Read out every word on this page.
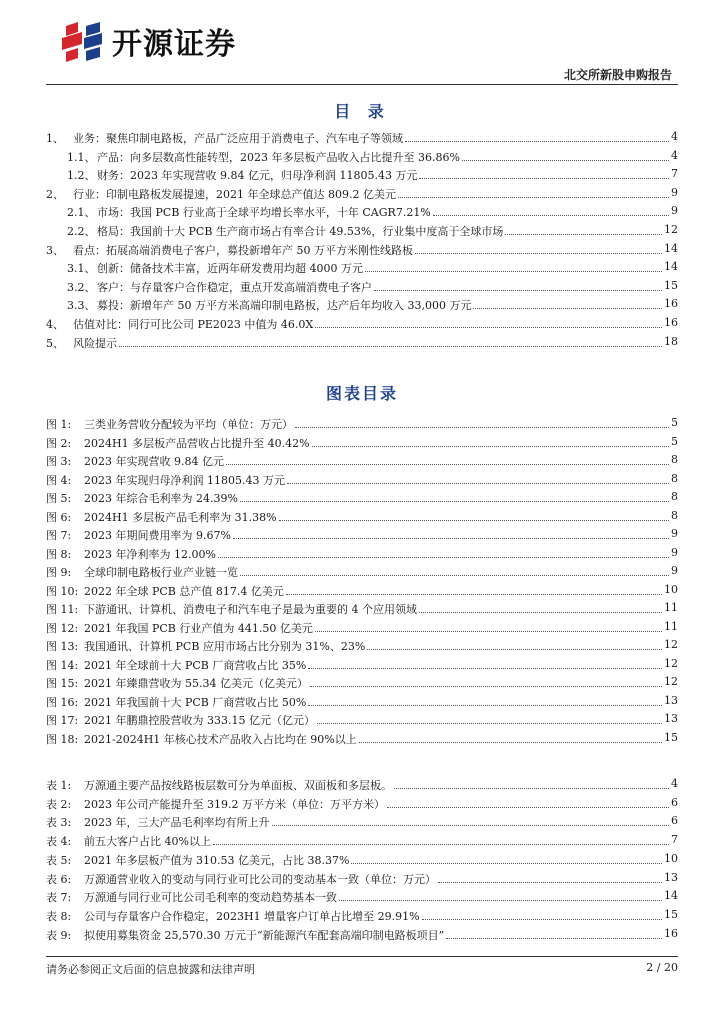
开源证券
北交所新股申购报告
目 录
1、 业务：聚焦印制电路板，产品广泛应用于消费电子、汽车电子等领域	4
1.1、 产品：向多层数高性能转型，2023 年多层板产品收入占比提升至 36.86%	4
1.2、 财务：2023 年实现营收 9.84 亿元，归母净利润 11805.43 万元	7
2、 行业：印制电路板发展提速，2021 年全球总产值达 809.2 亿美元	9
2.1、 市场：我国 PCB 行业高于全球平均增长率水平，十年 CAGR7.21%	9
2.2、 格局：我国前十大 PCB 生产商市场占有率合计 49.53%，行业集中度高于全球市场	12
3、 看点：拓展高端消费电子客户，募投新增年产 50 万平方米刚性线路板	14
3.1、 创新：储备技术丰富，近两年研发费用均超 4000 万元	14
3.2、 客户：与存量客户合作稳定，重点开发高端消费电子客户	15
3.3、 募投：新增年产 50 万平方米高端印制电路板，达产后年均收入 33,000 万元	16
4、 估值对比：同行可比公司 PE2023 中值为 46.0X	16
5、 风险提示	18
图表目录
图 1: 三类业务营收分配较为平均（单位：万元）	5
图 2: 2024H1 多层板产品营收占比提升至 40.42%	5
图 3: 2023 年实现营收 9.84 亿元	8
图 4: 2023 年实现归母净利润 11805.43 万元	8
图 5: 2023 年综合毛利率为 24.39%	8
图 6: 2024H1 多层板产品毛利率为 31.38%	8
图 7: 2023 年期间费用率为 9.67%	9
图 8: 2023 年净利率为 12.00%	9
图 9: 全球印制电路板行业产业链一览	9
图 10: 2022 年全球 PCB 总产值 817.4 亿美元	10
图 11: 下游通讯、计算机、消费电子和汽车电子是最为重要的 4 个应用领域	11
图 12: 2021 年我国 PCB 行业产值为 441.50 亿美元	11
图 13: 我国通讯、计算机 PCB 应用市场占比分别为 31%、23%	12
图 14: 2021 年全球前十大 PCB 厂商营收占比 35%	12
图 15: 2021 年臻鼎营收为 55.34 亿美元（亿美元）	12
图 16: 2021 年我国前十大 PCB 厂商营收占比 50%	13
图 17: 2021 年鹏鼎控股营收为 333.15 亿元（亿元）	13
图 18: 2021-2024H1 年核心技术产品收入占比均在 90%以上	15
表 1: 万源通主要产品按线路板层数可分为单面板、双面板和多层板。	4
表 2: 2023 年公司产能提升至 319.2 万平方米（单位：万平方米）	6
表 3: 2023 年，三大产品毛利率均有所上升	6
表 4: 前五大客户占比 40%以上	7
表 5: 2021 年多层板产值为 310.53 亿美元，占比 38.37%	10
表 6: 万源通营业收入的变动与同行业可比公司的变动基本一致（单位：万元）	13
表 7: 万源通与同行业可比公司毛利率的变动趋势基本一致	14
表 8: 公司与存量客户合作稳定，2023H1 增量客户订单占比增至 29.91%	15
表 9: 拟使用募集资金 25,570.30 万元于“新能源汽车配套高端印制电路板项目”	16
请务必参阅正文后面的信息披露和法律声明	2 / 20
